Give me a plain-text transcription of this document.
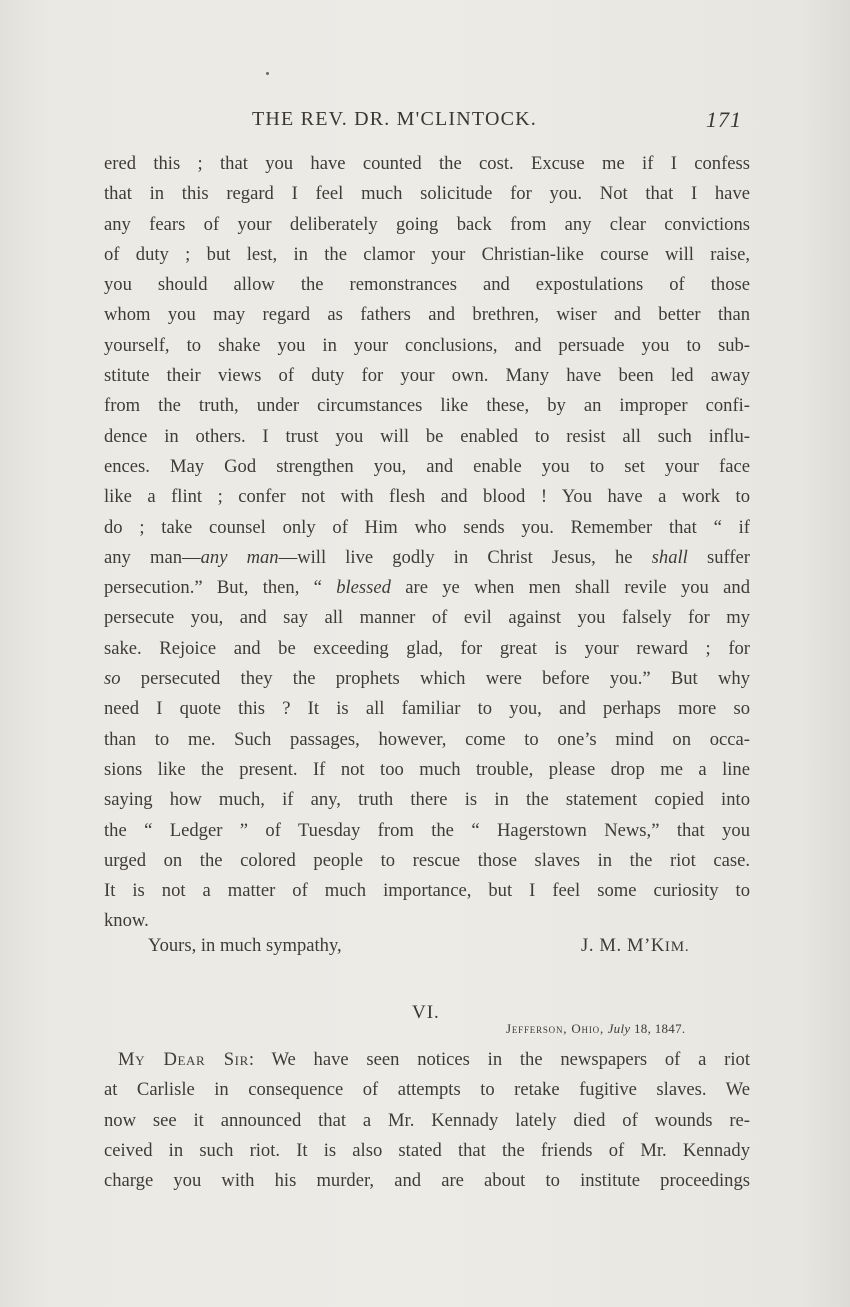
THE REV. DR. M'CLINTOCK.	171
ered this ; that you have counted the cost. Excuse me if I confess
that in this regard I feel much solicitude for you. Not that I have
any fears of your deliberately going back from any clear convictions
of duty ; but lest, in the clamor your Christian-like course will raise,
you should allow the remonstrances and expostulations of those
whom you may regard as fathers and brethren, wiser and better than
yourself, to shake you in your conclusions, and persuade you to sub-
stitute their views of duty for your own. Many have been led away
from the truth, under circumstances like these, by an improper confi-
dence in others. I trust you will be enabled to resist all such influ-
ences. May God strengthen you, and enable you to set your face
like a flint ; confer not with flesh and blood ! You have a work to
do ; take counsel only of Him who sends you. Remember that “ if
any man—any man—will live godly in Christ Jesus, he shall suffer
persecution.” But, then, “ blessed are ye when men shall revile you and
persecute you, and say all manner of evil against you falsely for my
sake. Rejoice and be exceeding glad, for great is your reward ; for
so persecuted they the prophets which were before you.” But why
need I quote this ? It is all familiar to you, and perhaps more so
than to me. Such passages, however, come to one’s mind on occa-
sions like the present. If not too much trouble, please drop me a line
saying how much, if any, truth there is in the statement copied into
the “ Ledger ” of Tuesday from the “ Hagerstown News,” that you
urged on the colored people to rescue those slaves in the riot case.
It is not a matter of much importance, but I feel some curiosity to
know.
Yours, in much sympathy,	J. M. M’KIM.
VI.
Jefferson, Ohio, July 18, 1847.
My Dear Sir: We have seen notices in the newspapers of a riot
at Carlisle in consequence of attempts to retake fugitive slaves. We
now see it announced that a Mr. Kennady lately died of wounds re-
ceived in such riot. It is also stated that the friends of Mr. Kennady
charge you with his murder, and are about to institute proceedings
